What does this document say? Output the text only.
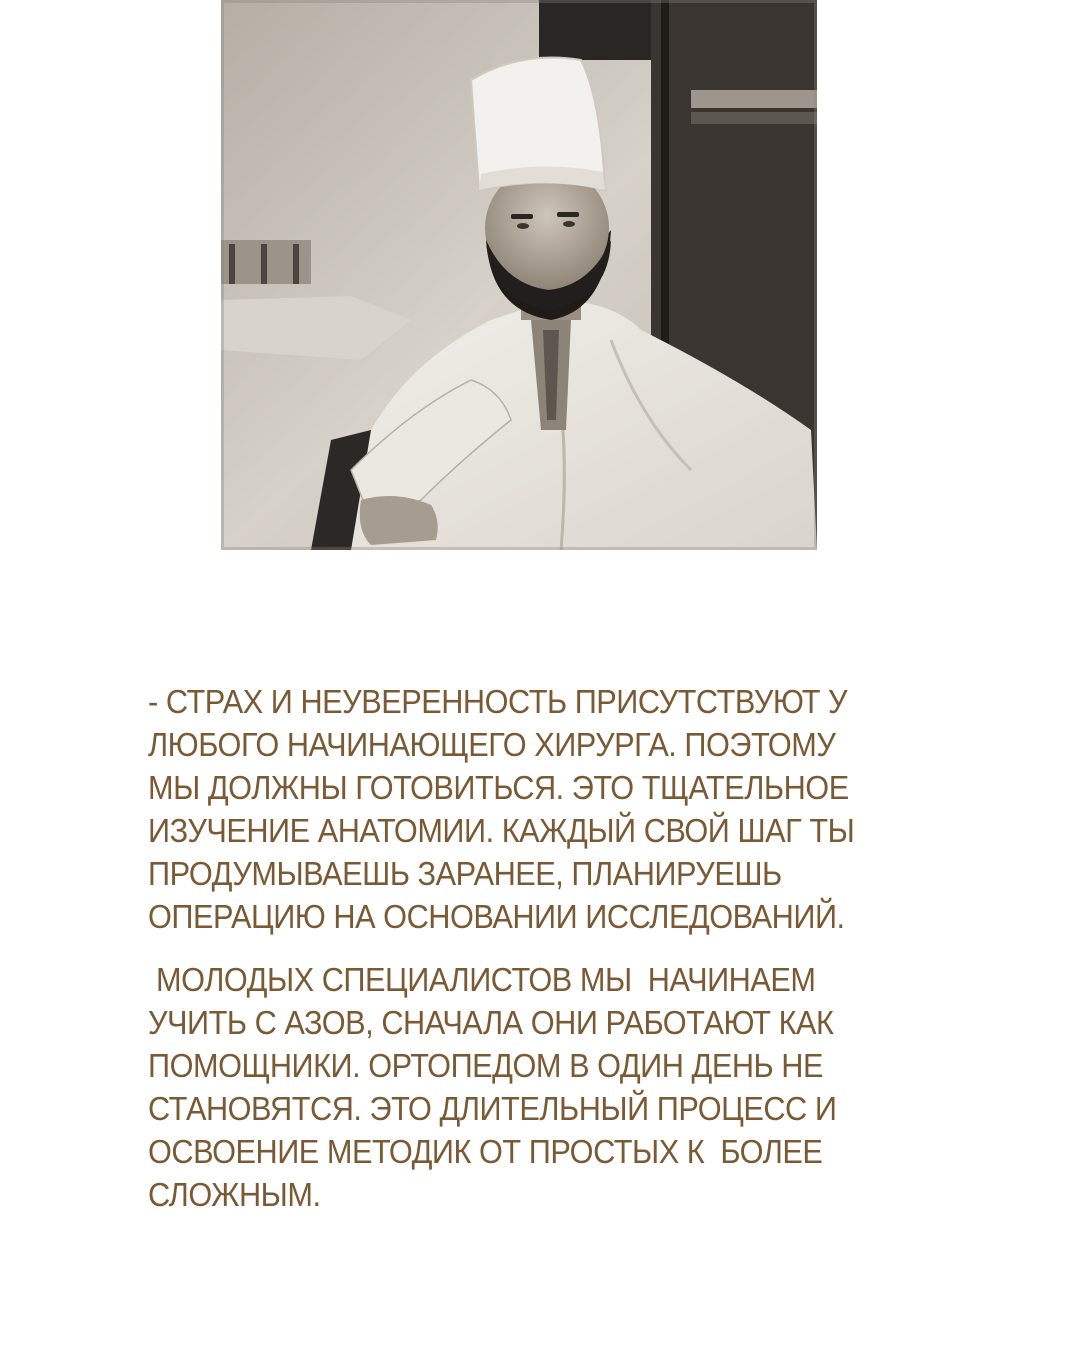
- СТРАХ И НЕУВЕРЕННОСТЬ ПРИСУТСТВУЮТ У
ЛЮБОГО НАЧИНАЮЩЕГО ХИРУРГА. ПОЭТОМУ
МЫ ДОЛЖНЫ ГОТОВИТЬСЯ. ЭТО ТЩАТЕЛЬНОЕ
ИЗУЧЕНИЕ АНАТОМИИ. КАЖДЫЙ СВОЙ ШАГ ТЫ
ПРОДУМЫВАЕШЬ ЗАРАНЕЕ, ПЛАНИРУЕШЬ
ОПЕРАЦИЮ НА ОСНОВАНИИ ИССЛЕДОВАНИЙ.
МОЛОДЫХ СПЕЦИАЛИСТОВ МЫ  НАЧИНАЕМ
УЧИТЬ С АЗОВ, СНАЧАЛА ОНИ РАБОТАЮТ КАК
ПОМОЩНИКИ. ОРТОПЕДОМ В ОДИН ДЕНЬ НЕ
СТАНОВЯТСЯ. ЭТО ДЛИТЕЛЬНЫЙ ПРОЦЕСС И
ОСВОЕНИЕ МЕТОДИК ОТ ПРОСТЫХ К  БОЛЕЕ
СЛОЖНЫМ.
